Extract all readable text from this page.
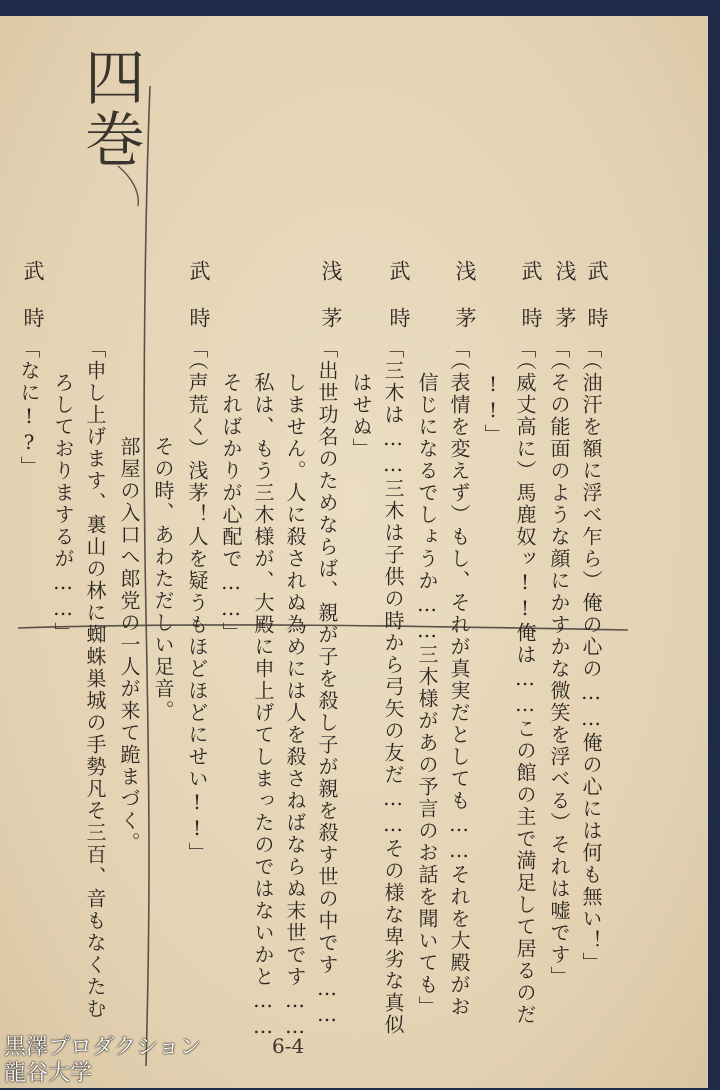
四巻
武時
浅茅
武時
浅茅
武時
浅茅
武時
武時
「（油汗を額に浮べ乍ら）俺の心の……俺の心には何も無い！」
「（その能面のような顔にかすかな微笑を浮べる）それは嘘です」
「（威丈高に）馬鹿奴ッ!!俺は……この館の主で満足して居るのだ
!!」
「（表情を変えず）もし、それが真実だとしても……それを大殿がお
信じになるでしょうか……三木様があの予言のお話を聞いても」
「三木は……三木は子供の時から弓矢の友だ……その様な卑劣な真似
はせぬ」
「出世功名のためならば、親が子を殺し子が親を殺す世の中です……
しません。人に殺されぬ為めには人を殺さねばならぬ末世です……
私は、もう三木様が、大殿に申上げてしまったのではないかと……
そればかりが心配で……」
「（声荒く）浅茅！人を疑うもほどほどにせい!!」
その時、あわただしい足音。
部屋の入口へ郎党の一人が来て跪まづく。
「申し上げます、裏山の林に蜘蛛巣城の手勢凡そ三百、音もなくたむ
ろしておりまするが……」
「なに!?」
6-4
黒澤プロダクション
龍谷大学
